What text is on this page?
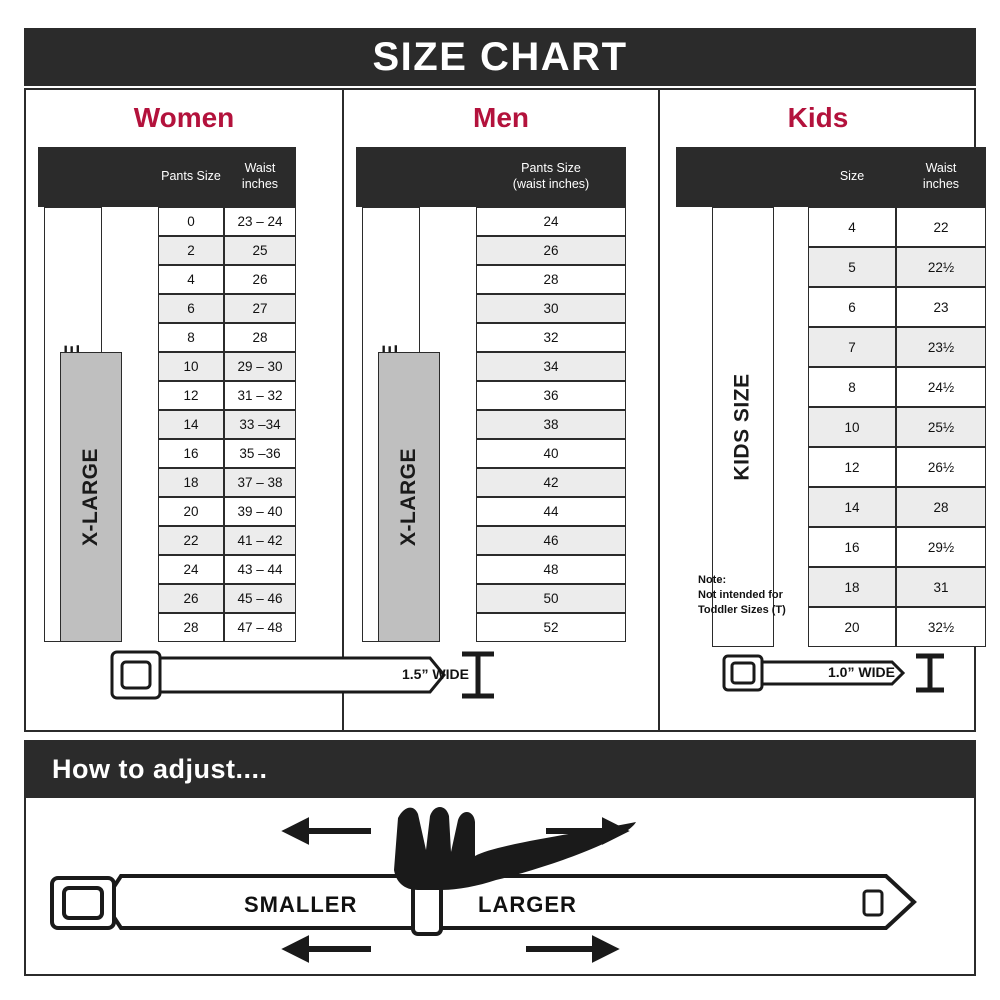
SIZE CHART
Women	Men	Kids
X-LARGE
Pants Size
Waist
inches
0	23 – 24
2	25
4	26
6	27
8	28
10	29 – 30
12	31 – 32
14	33 –34
16	35 –36
18	37 – 38
20	39 – 40
22	41 – 42
24	43 – 44
26	45 – 46
28	47 – 48
X-LARGE
Pants Size
(waist inches)
24
26
28
30
32
34
36
38
40
42
44
46
48
50
52
KIDS SIZE
Size
Waist
inches
4	22
5	22½
6	23
7	23½
8	24½
10	25½
12	26½
14	28
16	29½
18	31
20	32½
Note:
Not intended for
Toddler Sizes (T)
1.5” WIDE	1.0” WIDE
How to adjust....
SMALLER	LARGER
